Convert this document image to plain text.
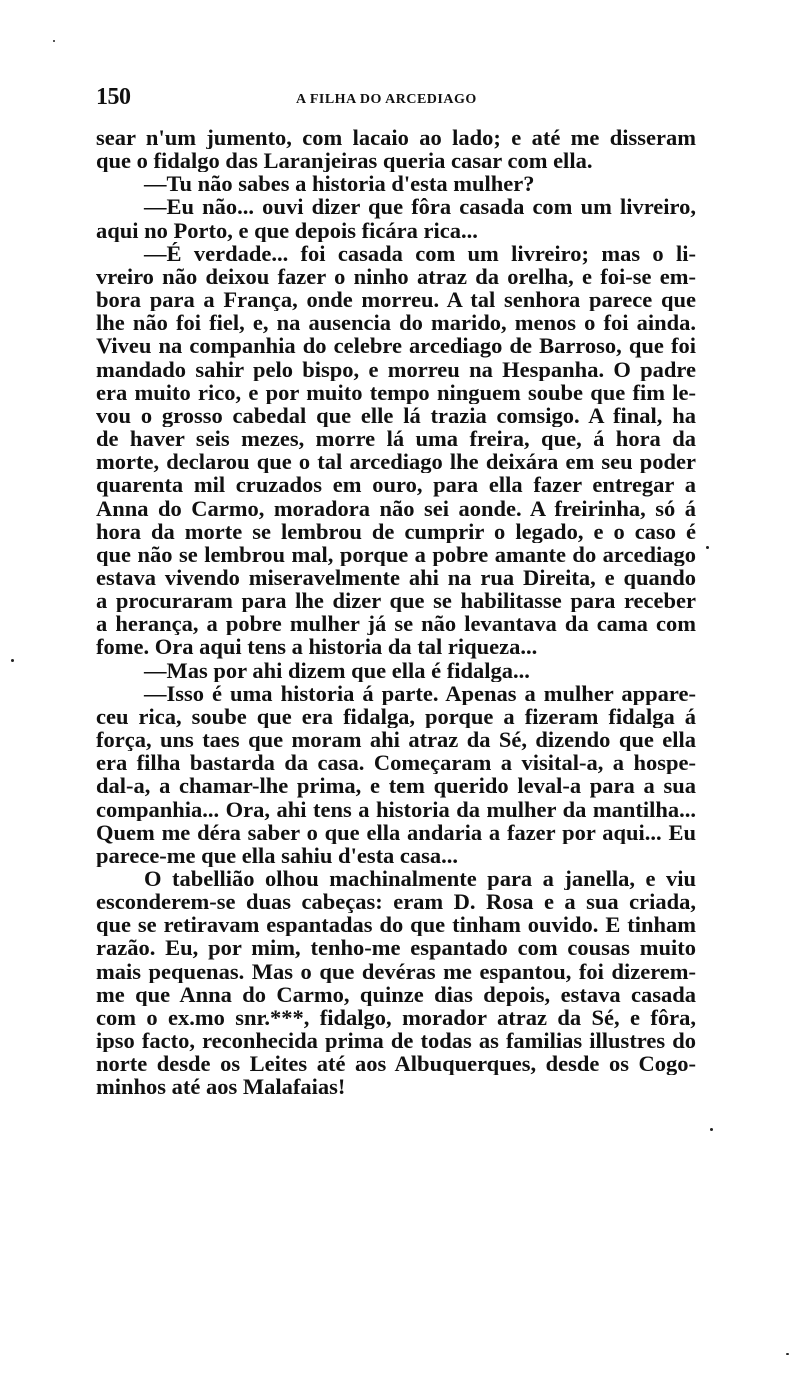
150	A FILHA DO ARCEDIAGO
sear n'um jumento, com lacaio ao lado; e até me disseram
que o fidalgo das Laranjeiras queria casar com ella.
—Tu não sabes a historia d'esta mulher?
—Eu não... ouvi dizer que fôra casada com um livreiro,
aqui no Porto, e que depois ficára rica...
—É verdade... foi casada com um livreiro; mas o li-
vreiro não deixou fazer o ninho atraz da orelha, e foi-se em-
bora para a França, onde morreu. A tal senhora parece que
lhe não foi fiel, e, na ausencia do marido, menos o foi ainda.
Viveu na companhia do celebre arcediago de Barroso, que foi
mandado sahir pelo bispo, e morreu na Hespanha. O padre
era muito rico, e por muito tempo ninguem soube que fim le-
vou o grosso cabedal que elle lá trazia comsigo. A final, ha
de haver seis mezes, morre lá uma freira, que, á hora da
morte, declarou que o tal arcediago lhe deixára em seu poder
quarenta mil cruzados em ouro, para ella fazer entregar a
Anna do Carmo, moradora não sei aonde. A freirinha, só á
hora da morte se lembrou de cumprir o legado, e o caso é
que não se lembrou mal, porque a pobre amante do arcediago
estava vivendo miseravelmente ahi na rua Direita, e quando
a procuraram para lhe dizer que se habilitasse para receber
a herança, a pobre mulher já se não levantava da cama com
fome. Ora aqui tens a historia da tal riqueza...
—Mas por ahi dizem que ella é fidalga...
—Isso é uma historia á parte. Apenas a mulher appare-
ceu rica, soube que era fidalga, porque a fizeram fidalga á
força, uns taes que moram ahi atraz da Sé, dizendo que ella
era filha bastarda da casa. Começaram a visital-a, a hospe-
dal-a, a chamar-lhe prima, e tem querido leval-a para a sua
companhia... Ora, ahi tens a historia da mulher da mantilha...
Quem me déra saber o que ella andaria a fazer por aqui... Eu
parece-me que ella sahiu d'esta casa...
O tabellião olhou machinalmente para a janella, e viu
esconderem-se duas cabeças: eram D. Rosa e a sua criada,
que se retiravam espantadas do que tinham ouvido. E tinham
razão. Eu, por mim, tenho-me espantado com cousas muito
mais pequenas. Mas o que devéras me espantou, foi dizerem-
me que Anna do Carmo, quinze dias depois, estava casada
com o ex.mo snr.***, fidalgo, morador atraz da Sé, e fôra,
ipso facto, reconhecida prima de todas as familias illustres do
norte desde os Leites até aos Albuquerques, desde os Cogo-
minhos até aos Malafaias!
